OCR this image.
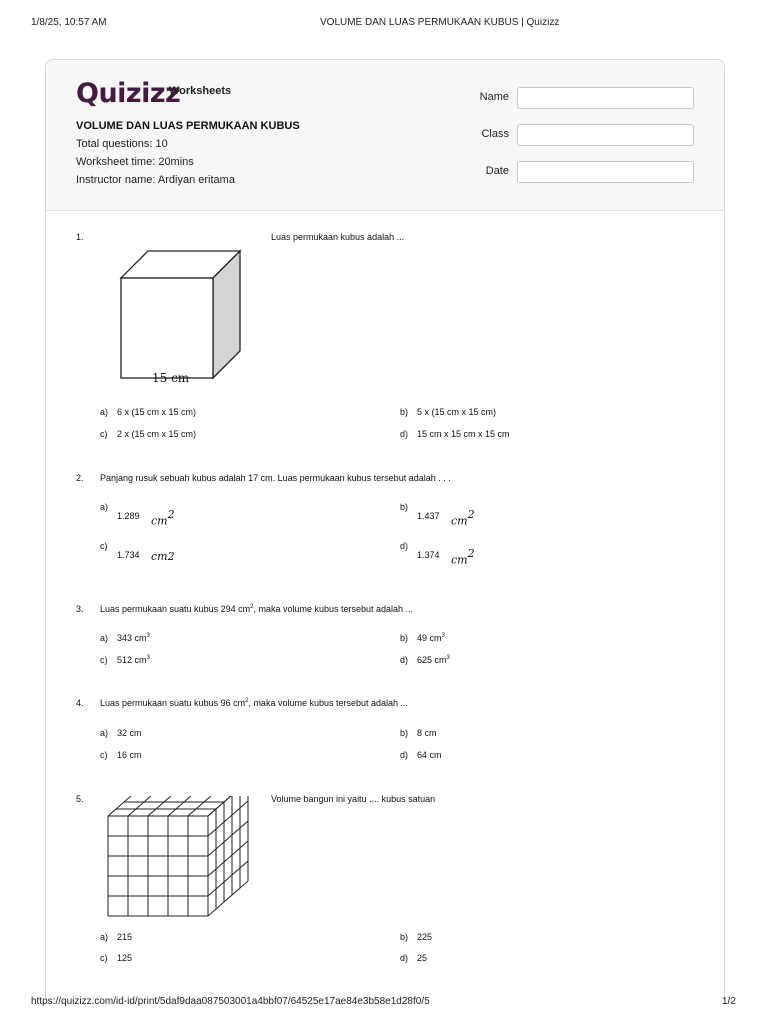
1/8/25, 10:57 AM	VOLUME DAN LUAS PERMUKAAN KUBUS | Quizizz
Quizizz
Worksheets
VOLUME DAN LUAS PERMUKAAN KUBUS
Total questions: 10
Worksheet time: 20mins
Instructor name: Ardiyan eritama
Name
Class
Date
1.
15 cm
Luas permukaan kubus adalah ...
a) 6 x (15 cm x 15 cm)	b) 5 x (15 cm x 15 cm)
c) 2 x (15 cm x 15 cm)	d) 15 cm x 15 cm x 15 cm
2. Panjang rusuk sebuah kubus adalah 17 cm. Luas permukaan kubus tersebut adalah . . .
a)
1.289 $cm^2$
b)
1.437 $cm^2$
c)
1.734 cm2
d)
1.374 $cm^2$
3. Luas permukaan suatu kubus 294 $cm^2$, maka volume kubus tersebut adalah ...
a) 343 $cm^3$	b) 49 $cm^3$
c) 512 $cm^3$	d) 625 $cm^3$
4. Luas permukaan suatu kubus 96 $cm^2$, maka volume kubus tersebut adalah ...
a) 32 cm	b) 8 cm
c) 16 cm	d) 64 cm
5.	Volume bangun ini yaitu .... kubus satuan
a) 215	b) 225
c) 125	d) 25
https://quizizz.com/id-id/print/5daf9daa087503001a4bbf07/64525e17ae84e3b58e1d28f0/5	1/2
